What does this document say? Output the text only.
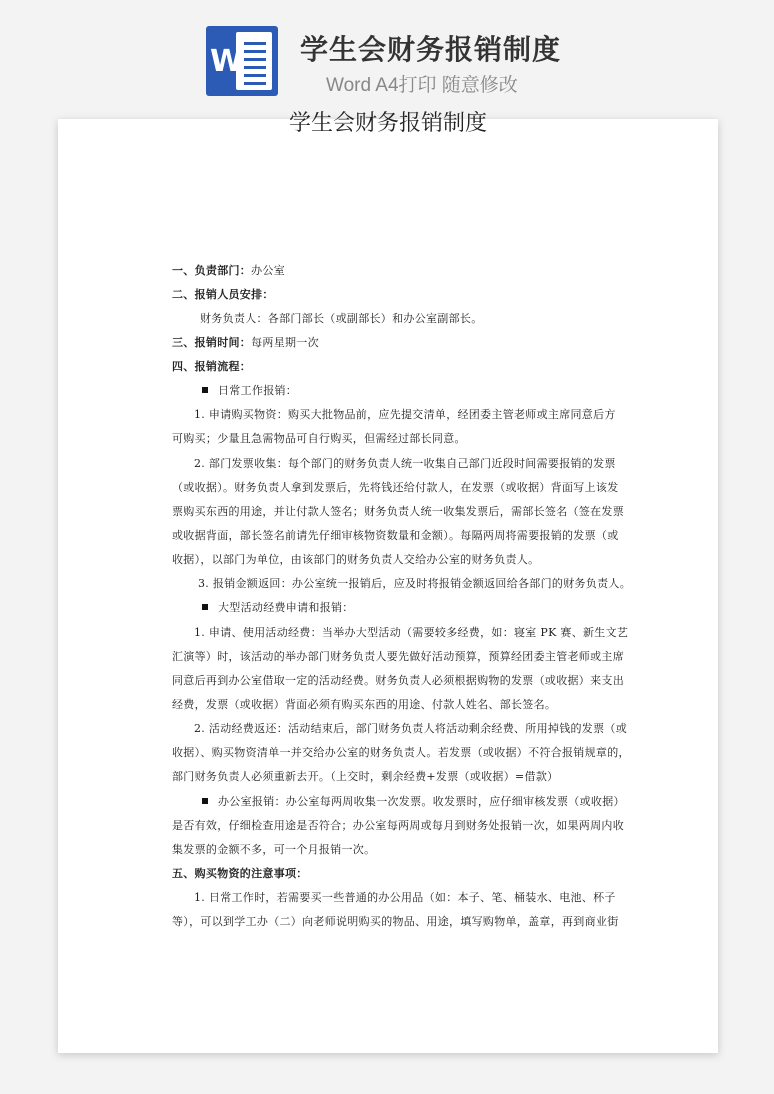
W 学生会财务报销制度
Word A4打印 随意修改
学生会财务报销制度
一、负责部门：办公室
二、报销人员安排：
财务负责人：各部门部长（或副部长）和办公室副部长。
三、报销时间：每两星期一次
四、报销流程：
日常工作报销：
1. 申请购买物资：购买大批物品前，应先提交清单，经团委主管老师或主席同意后方
可购买；少量且急需物品可自行购买，但需经过部长同意。
2. 部门发票收集：每个部门的财务负责人统一收集自己部门近段时间需要报销的发票
（或收据）。财务负责人拿到发票后，先将钱还给付款人，在发票（或收据）背面写上该发
票购买东西的用途，并让付款人签名；财务负责人统一收集发票后，需部长签名（签在发票
或收据背面，部长签名前请先仔细审核物资数量和金额）。每隔两周将需要报销的发票（或
收据），以部门为单位，由该部门的财务负责人交给办公室的财务负责人。
3. 报销金额返回：办公室统一报销后，应及时将报销金额返回给各部门的财务负责人。
大型活动经费申请和报销：
1. 申请、使用活动经费：当举办大型活动（需要较多经费，如：寝室 PK 赛、新生文艺
汇演等）时，该活动的举办部门财务负责人要先做好活动预算，预算经团委主管老师或主席
同意后再到办公室借取一定的活动经费。财务负责人必须根据购物的发票（或收据）来支出
经费，发票（或收据）背面必须有购买东西的用途、付款人姓名、部长签名。
2. 活动经费返还：活动结束后，部门财务负责人将活动剩余经费、所用掉钱的发票（或
收据）、购买物资清单一并交给办公室的财务负责人。若发票（或收据）不符合报销规章的，
部门财务负责人必须重新去开。（上交时，剩余经费+发票（或收据）=借款）
办公室报销：办公室每两周收集一次发票。收发票时，应仔细审核发票（或收据）
是否有效，仔细检查用途是否符合；办公室每两周或每月到财务处报销一次，如果两周内收
集发票的金额不多，可一个月报销一次。
五、购买物资的注意事项：
1. 日常工作时，若需要买一些普通的办公用品（如：本子、笔、桶装水、电池、杯子
等），可以到学工办（二）向老师说明购买的物品、用途，填写购物单，盖章，再到商业街
